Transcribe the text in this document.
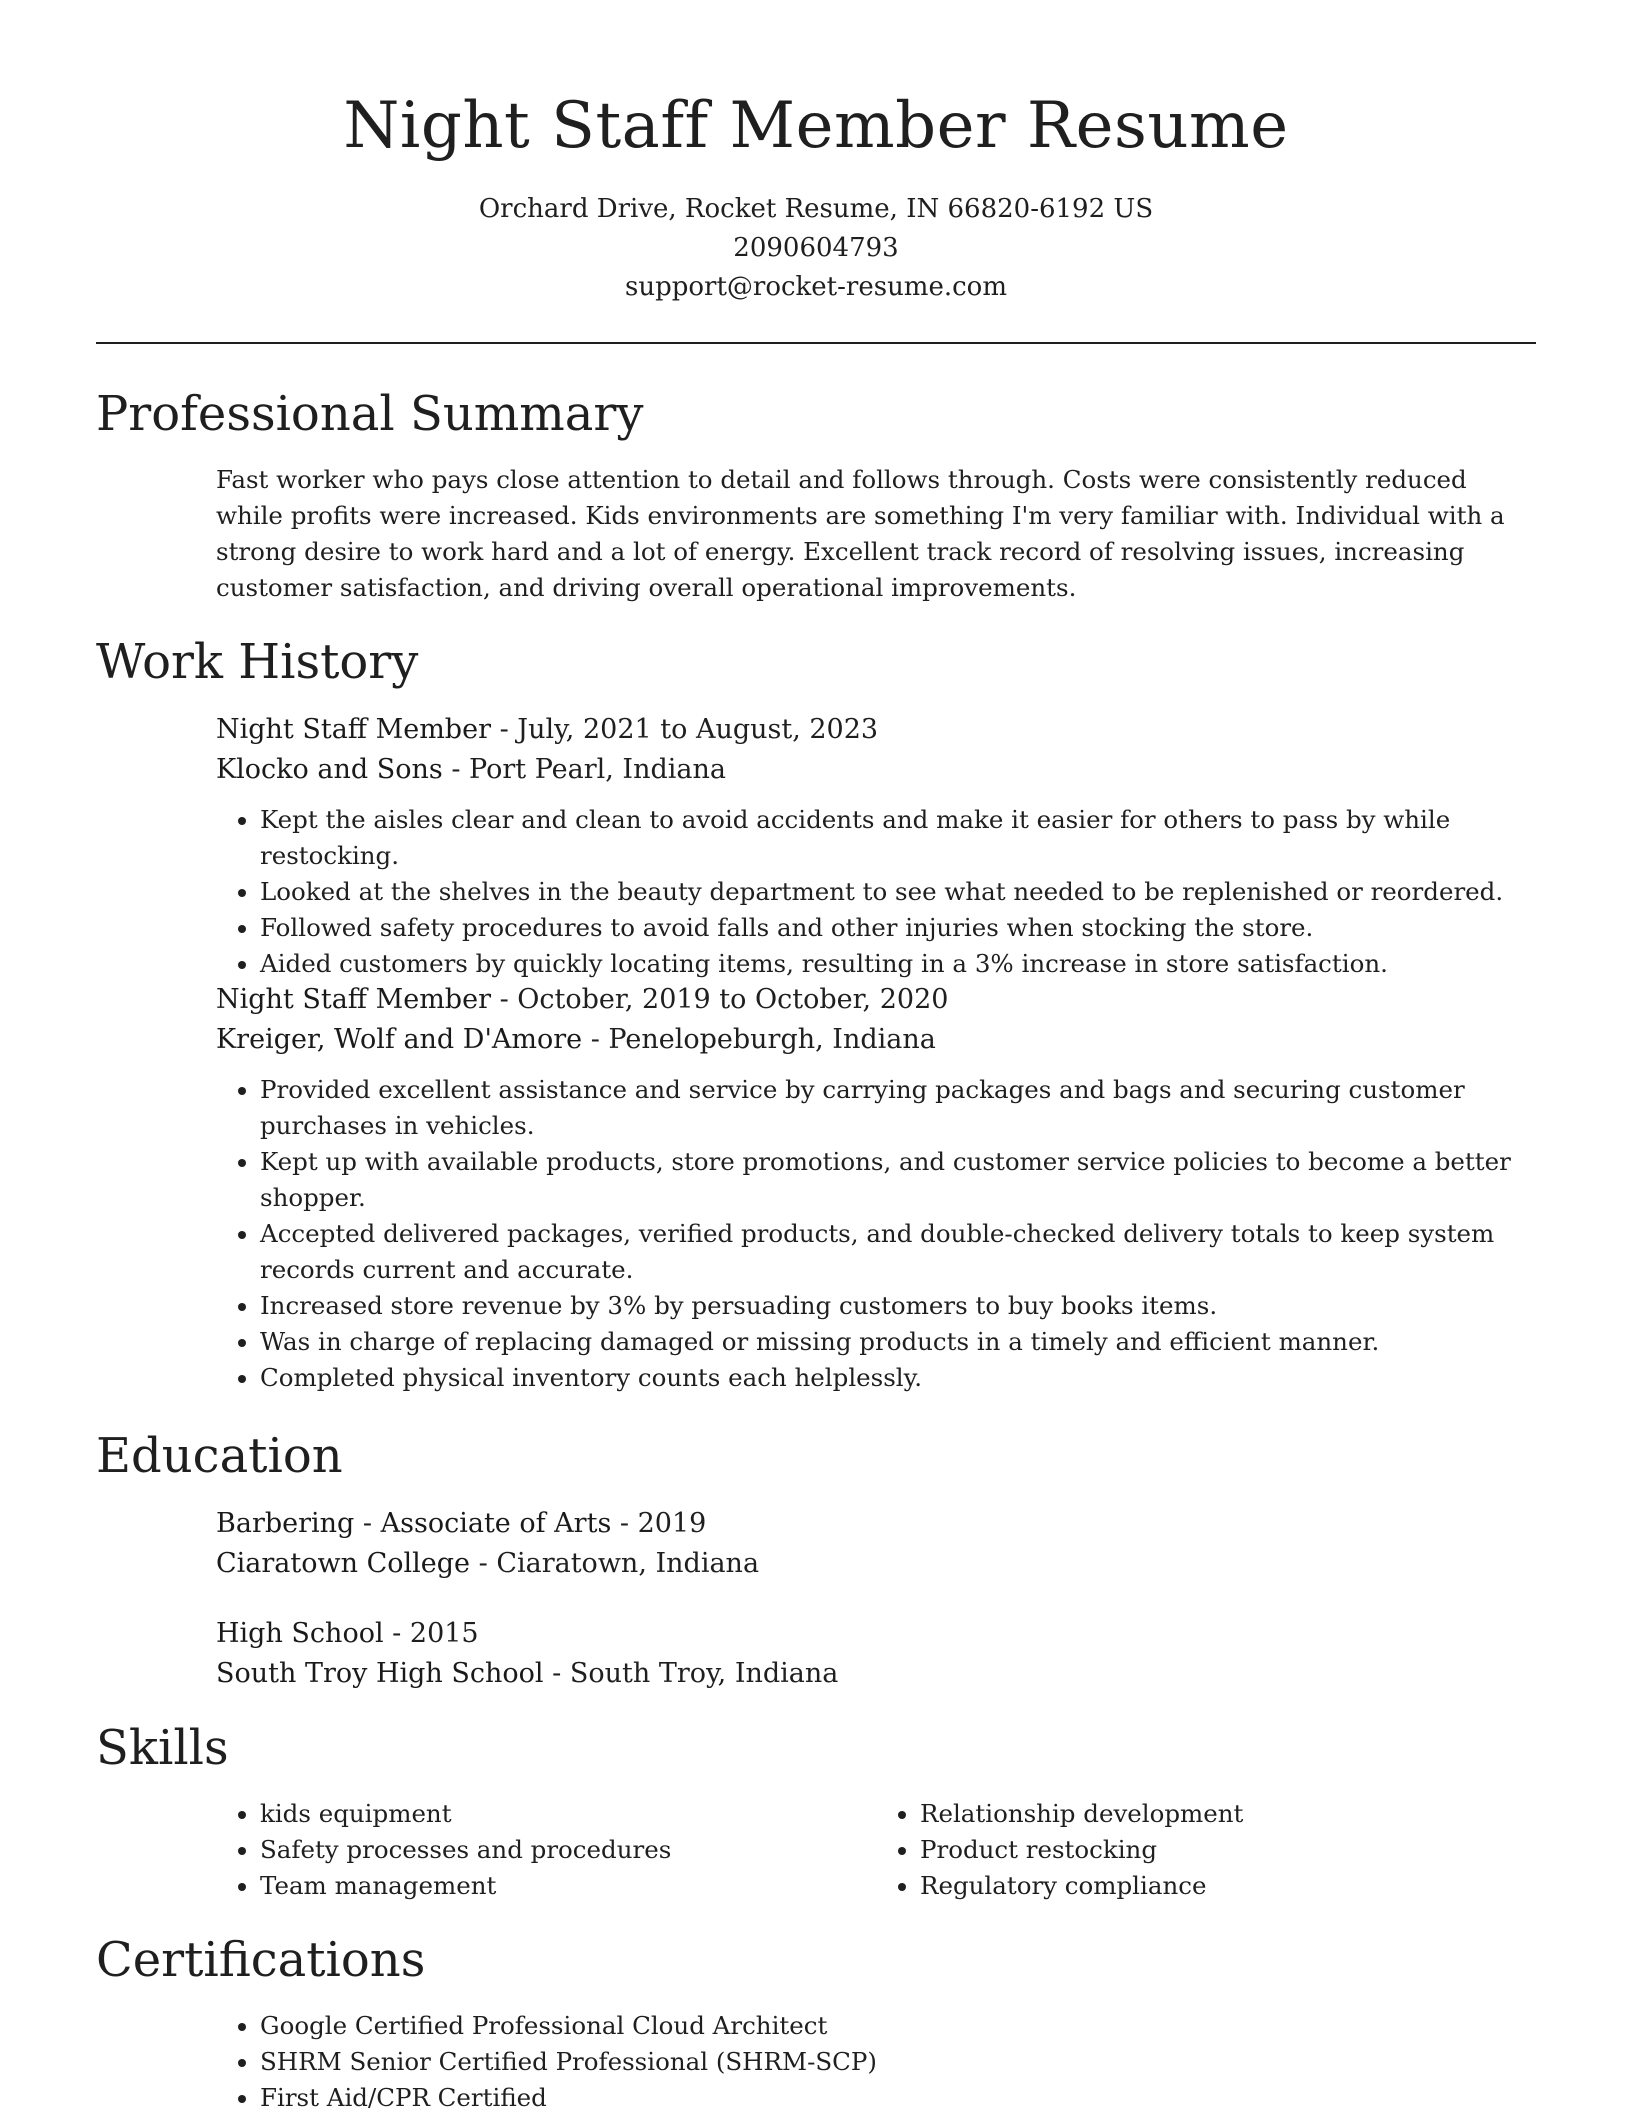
Night Staff Member Resume
Orchard Drive, Rocket Resume, IN 66820-6192 US
2090604793
support@rocket-resume.com
Professional Summary

Fast worker who pays close attention to detail and follows through. Costs were consistently reduced while profits were increased. Kids environments are something I'm very familiar with. Individual with a strong desire to work hard and a lot of energy. Excellent track record of resolving issues, increasing customer satisfaction, and driving overall operational improvements.

Work History
Night Staff Member - July, 2021 to August, 2023
Klocko and Sons - Port Pearl, Indiana
• Kept the aisles clear and clean to avoid accidents and make it easier for others to pass by while restocking.
• Looked at the shelves in the beauty department to see what needed to be replenished or reordered.
• Followed safety procedures to avoid falls and other injuries when stocking the store.
• Aided customers by quickly locating items, resulting in a 3% increase in store satisfaction.
Night Staff Member - October, 2019 to October, 2020
Kreiger, Wolf and D'Amore - Penelopeburgh, Indiana
• Provided excellent assistance and service by carrying packages and bags and securing customer purchases in vehicles.
• Kept up with available products, store promotions, and customer service policies to become a better shopper.
• Accepted delivered packages, verified products, and double-checked delivery totals to keep system records current and accurate.
• Increased store revenue by 3% by persuading customers to buy books items.
• Was in charge of replacing damaged or missing products in a timely and efficient manner.
• Completed physical inventory counts each helplessly.
Education
Barbering - Associate of Arts - 2019
Ciaratown College - Ciaratown, Indiana
High School - 2015
South Troy High School - South Troy, Indiana
Skills
• kids equipment
• Safety processes and procedures
• Team management
• Relationship development
• Product restocking
• Regulatory compliance
Certifications
• Google Certified Professional Cloud Architect
• SHRM Senior Certified Professional (SHRM-SCP)
• First Aid/CPR Certified
